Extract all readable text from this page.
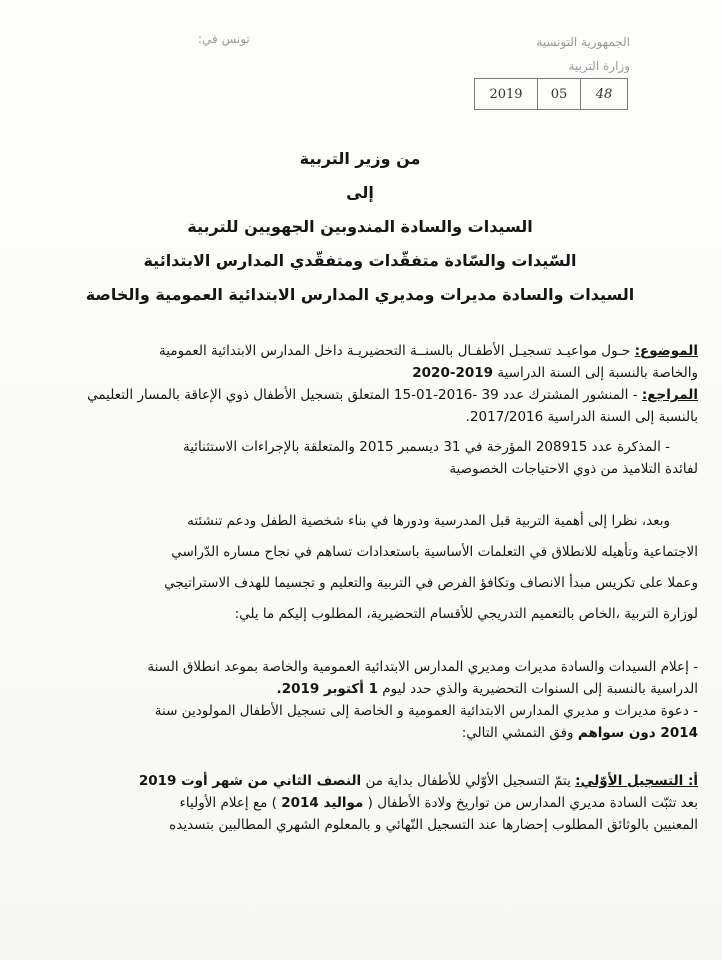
الجمهورية التونسية
وزارة التربية
تونس في:
2019	05	48
من وزير التربية
إلى
السيدات والسادة المندوبين الجهويين للتربية
السّيدات والسّادة متفقّدات ومتفقّدي المدارس الابتدائية
السيدات والسادة مديرات ومديري المدارس الابتدائية العمومية والخاصة
الموضوع: حـول مواعيـد تسجيـل الأطفـال بالسنــة التحضيريـة داخل المدارس الابتدائية العمومية
والخاصة بالنسبة إلى السنة الدراسية 2019-2020
المراجع: - المنشور المشترك عدد 39 -2016-01-15 المتعلق بتسجيل الأطفال ذوي الإعاقة بالمسار التعليمي
بالنسبة إلى السنة الدراسية 2017/2016.
- المذكرة عدد 208915 المؤرخة في 31 ديسمبر 2015 والمتعلقة بالإجراءات الاستثنائية
لفائدة التلاميذ من ذوي الاحتياجات الخصوصية
وبعد، نظرا إلى أهمية التربية قبل المدرسية ودورها في بناء شخصية الطفل ودعم تنشئته
الاجتماعية وتأهيله للانطلاق في التعلمات الأساسية باستعدادات تساهم في نجاح مساره الدّراسي
وعملا على تكريس مبدأ الانصاف وتكافؤ الفرص في التربية والتعليم و تجسيما للهدف الاستراتيجي
لوزارة التربية ،الخاص بالتعميم التدريجي للأقسام التحضيرية، المطلوب إليكم ما يلي:
- إعلام السيدات والسادة مديرات ومديري المدارس الابتدائية العمومية والخاصة بموعد انطلاق السنة
الدراسية بالنسبة إلى السنوات التحضيرية والذي حدد ليوم 1 أكتوبر 2019.
- دعوة مديرات و مديري المدارس الابتدائية العمومية و الخاصة إلى تسجيل الأطفال المولودين سنة
2014 دون سواهم وفق التمشي التالي:
أ: التسجيل الأوّلي: يتمّ التسجيل الأوّلي للأطفال بداية من النصف الثاني من شهر أوت 2019
بعد تثبّت السادة مديري المدارس من تواريخ ولادة الأطفال ( مواليد 2014 ) مع إعلام الأولياء
المعنيين بالوثائق المطلوب إحضارها عند التسجيل النّهائي و بالمعلوم الشهري المطالبين بتسديده
